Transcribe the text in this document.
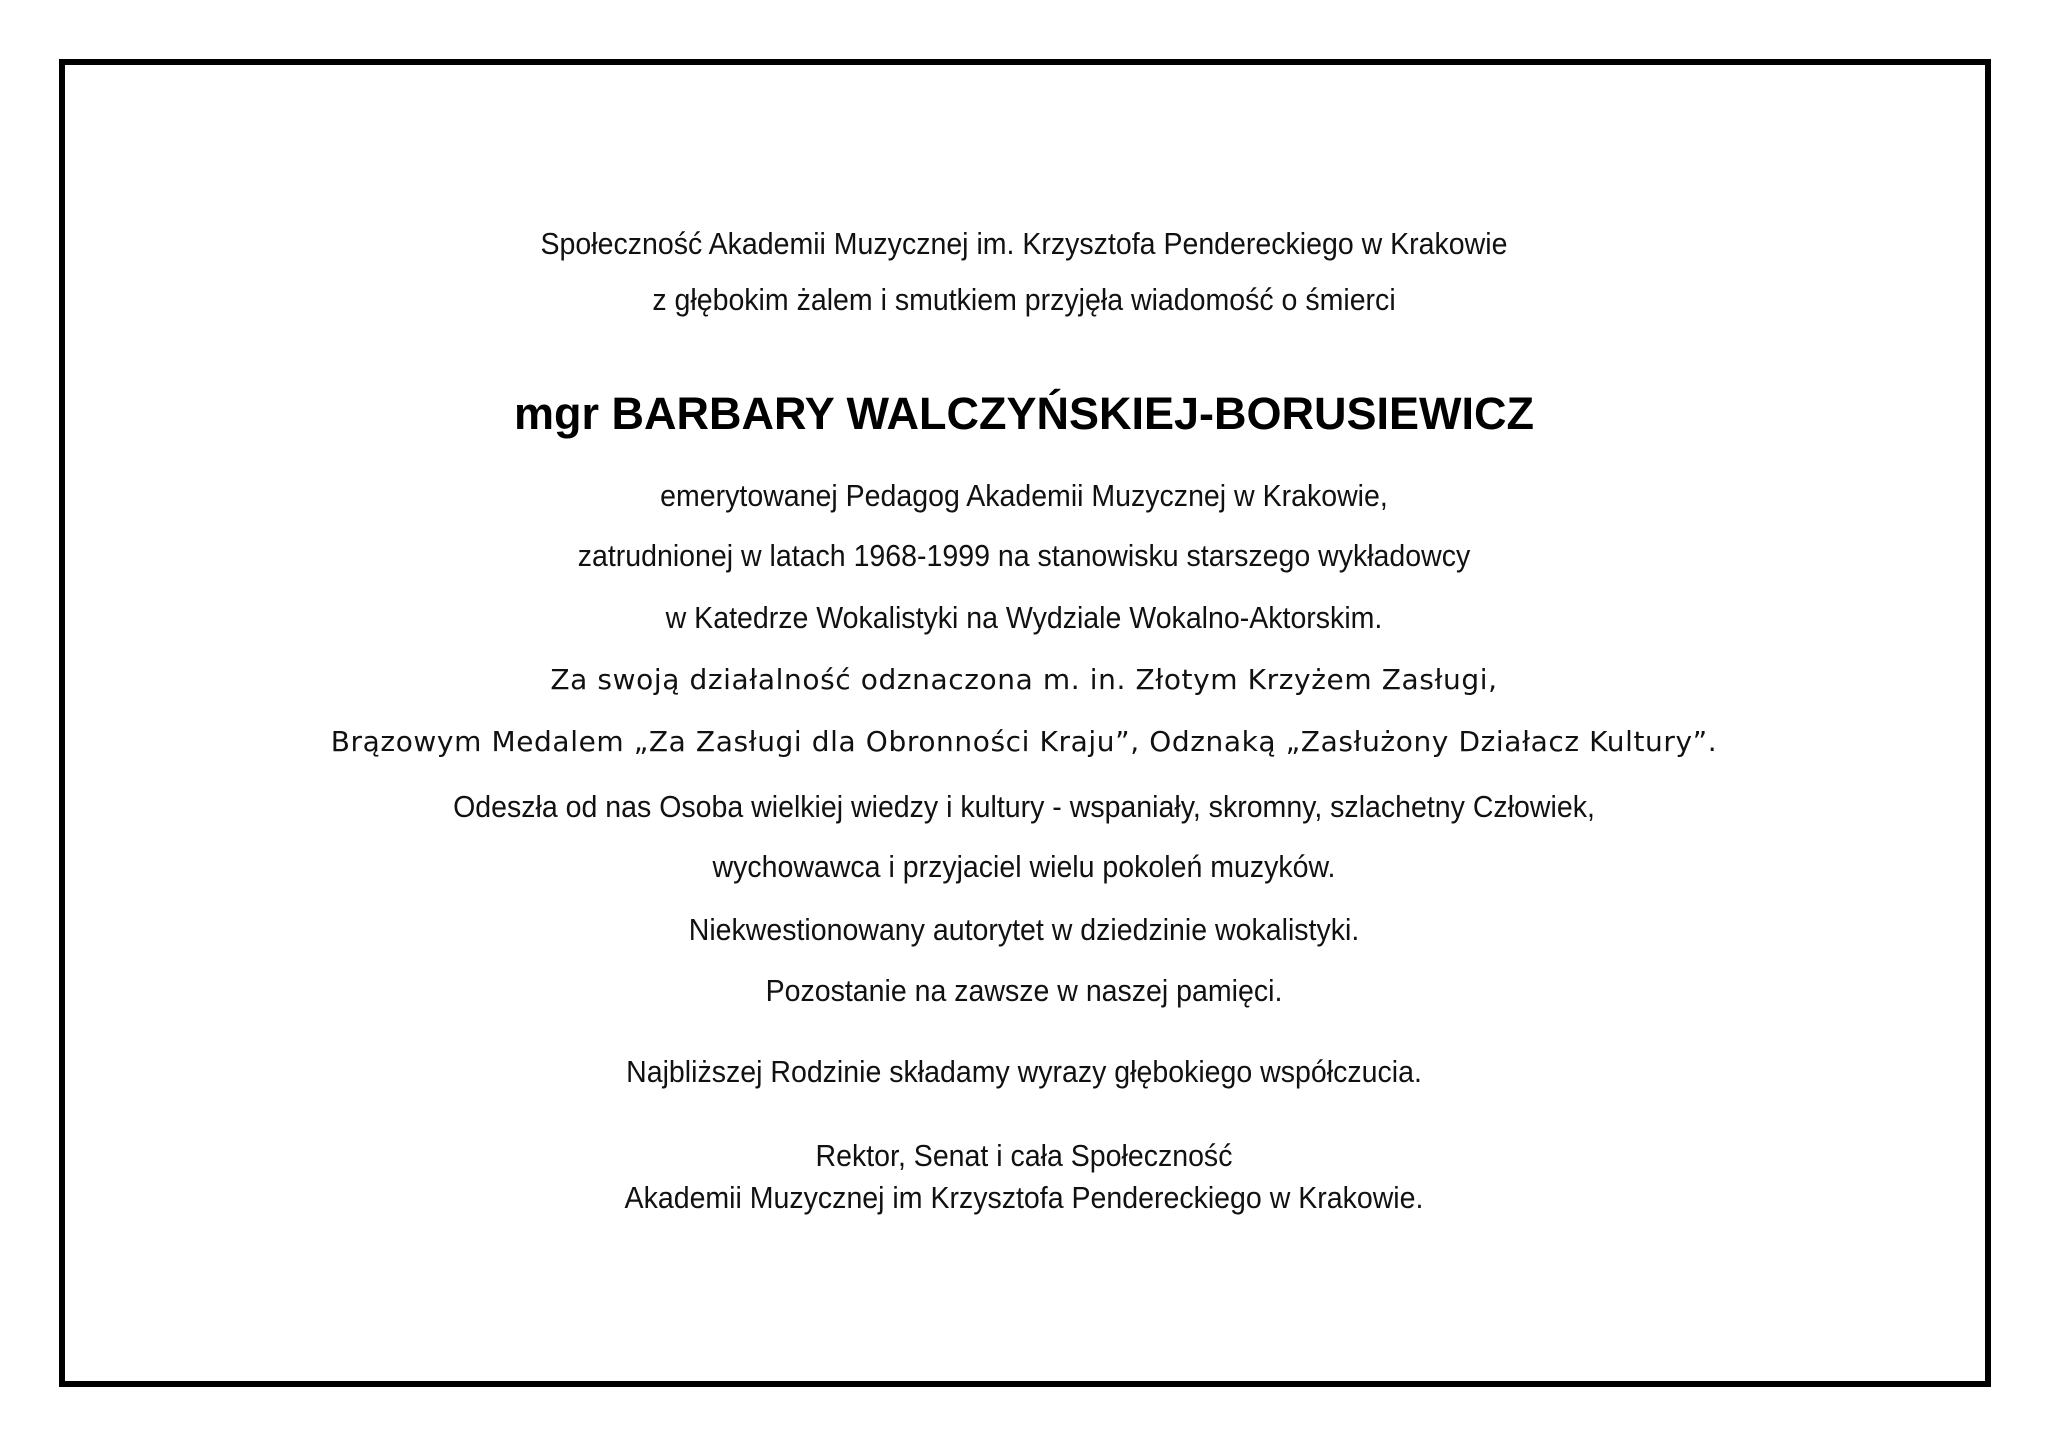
Społeczność Akademii Muzycznej im. Krzysztofa Pendereckiego w Krakowie
z głębokim żalem i smutkiem przyjęła wiadomość o śmierci
mgr BARBARY WALCZYŃSKIEJ-BORUSIEWICZ
emerytowanej Pedagog Akademii Muzycznej w Krakowie,
zatrudnionej w latach 1968-1999 na stanowisku starszego wykładowcy
w Katedrze Wokalistyki na Wydziale Wokalno-Aktorskim.
Za swoją działalność odznaczona m. in. Złotym Krzyżem Zasługi,
Brązowym Medalem „Za Zasługi dla Obronności Kraju”, Odznaką „Zasłużony Działacz Kultury”.
Odeszła od nas Osoba wielkiej wiedzy i kultury - wspaniały, skromny, szlachetny Człowiek,
wychowawca i przyjaciel wielu pokoleń muzyków.
Niekwestionowany autorytet w dziedzinie wokalistyki.
Pozostanie na zawsze w naszej pamięci.
Najbliższej Rodzinie składamy wyrazy głębokiego współczucia.
Rektor, Senat i cała Społeczność
Akademii Muzycznej im Krzysztofa Pendereckiego w Krakowie.
